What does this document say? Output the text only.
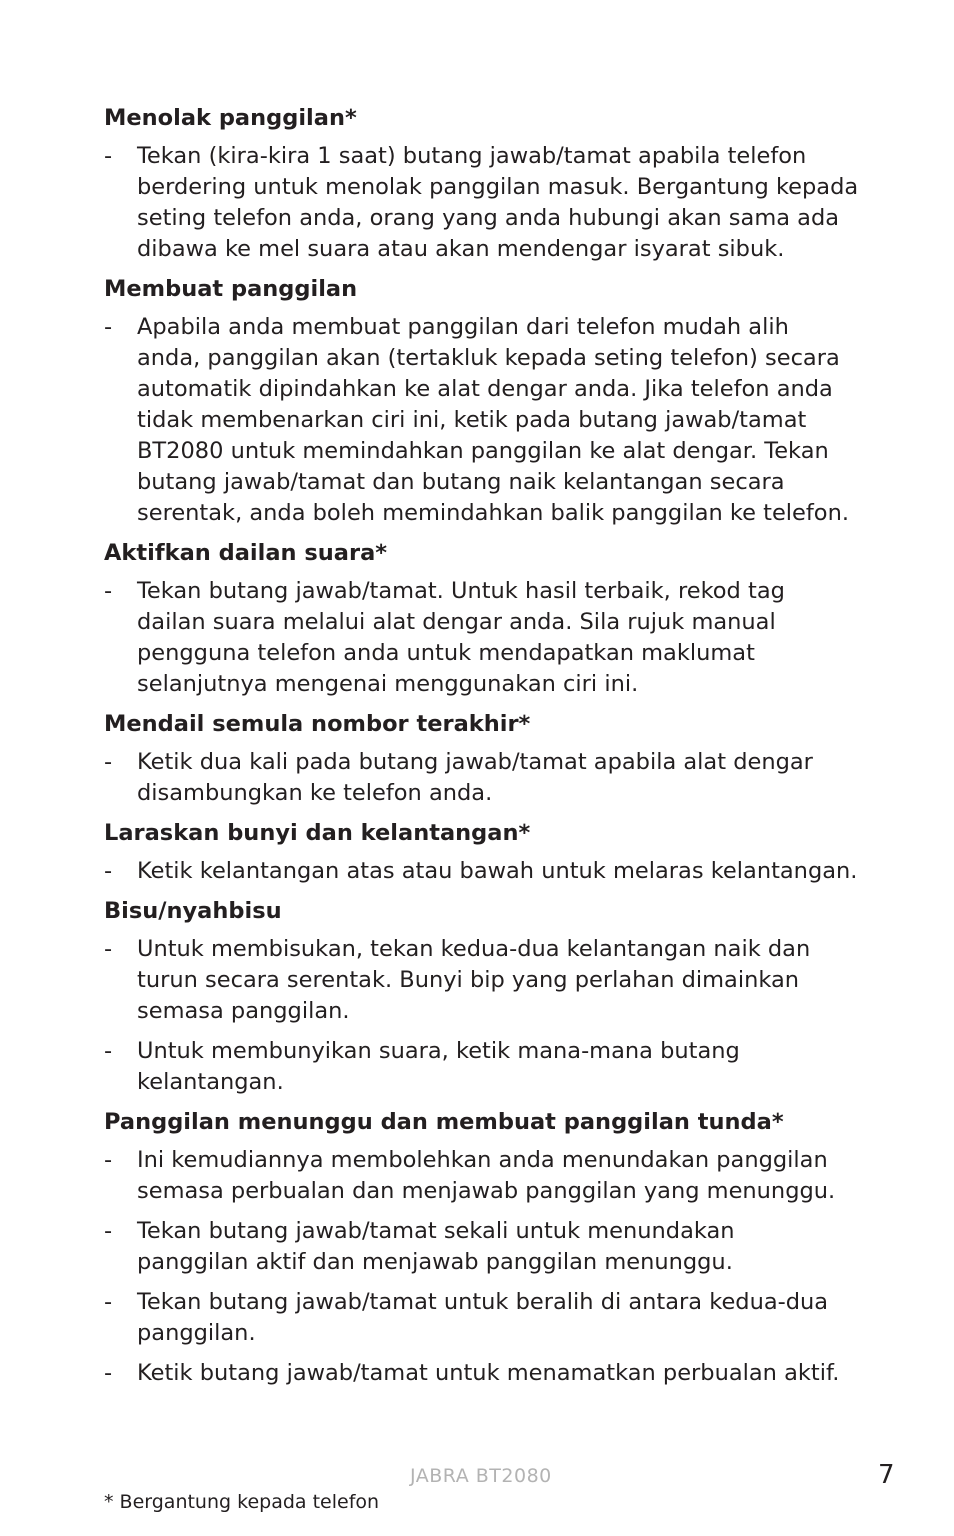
Menolak panggilan*
- Tekan (kira-kira 1 saat) butang jawab/tamat apabila telefon
berdering untuk menolak panggilan masuk. Bergantung kepada
seting telefon anda, orang yang anda hubungi akan sama ada
dibawa ke mel suara atau akan mendengar isyarat sibuk.
Membuat panggilan
- Apabila anda membuat panggilan dari telefon mudah alih
anda, panggilan akan (tertakluk kepada seting telefon) secara
automatik dipindahkan ke alat dengar anda. Jika telefon anda
tidak membenarkan ciri ini, ketik pada butang jawab/tamat
BT2080 untuk memindahkan panggilan ke alat dengar. Tekan
butang jawab/tamat dan butang naik kelantangan secara
serentak, anda boleh memindahkan balik panggilan ke telefon.
Aktifkan dailan suara*
- Tekan butang jawab/tamat. Untuk hasil terbaik, rekod tag
dailan suara melalui alat dengar anda. Sila rujuk manual
pengguna telefon anda untuk mendapatkan maklumat
selanjutnya mengenai menggunakan ciri ini.
Mendail semula nombor terakhir*
- Ketik dua kali pada butang jawab/tamat apabila alat dengar
disambungkan ke telefon anda.
Laraskan bunyi dan kelantangan*
- Ketik kelantangan atas atau bawah untuk melaras kelantangan.
Bisu/nyahbisu
- Untuk membisukan, tekan kedua-dua kelantangan naik dan
turun secara serentak. Bunyi bip yang perlahan dimainkan
semasa panggilan.
- Untuk membunyikan suara, ketik mana-mana butang
kelantangan.
Panggilan menunggu dan membuat panggilan tunda*
- Ini kemudiannya membolehkan anda menundakan panggilan
semasa perbualan dan menjawab panggilan yang menunggu.
- Tekan butang jawab/tamat sekali untuk menundakan
panggilan aktif dan menjawab panggilan menunggu.
- Tekan butang jawab/tamat untuk beralih di antara kedua-dua
panggilan.
- Ketik butang jawab/tamat untuk menamatkan perbualan aktif.
JABRA BT2080	7
* Bergantung kepada telefon
